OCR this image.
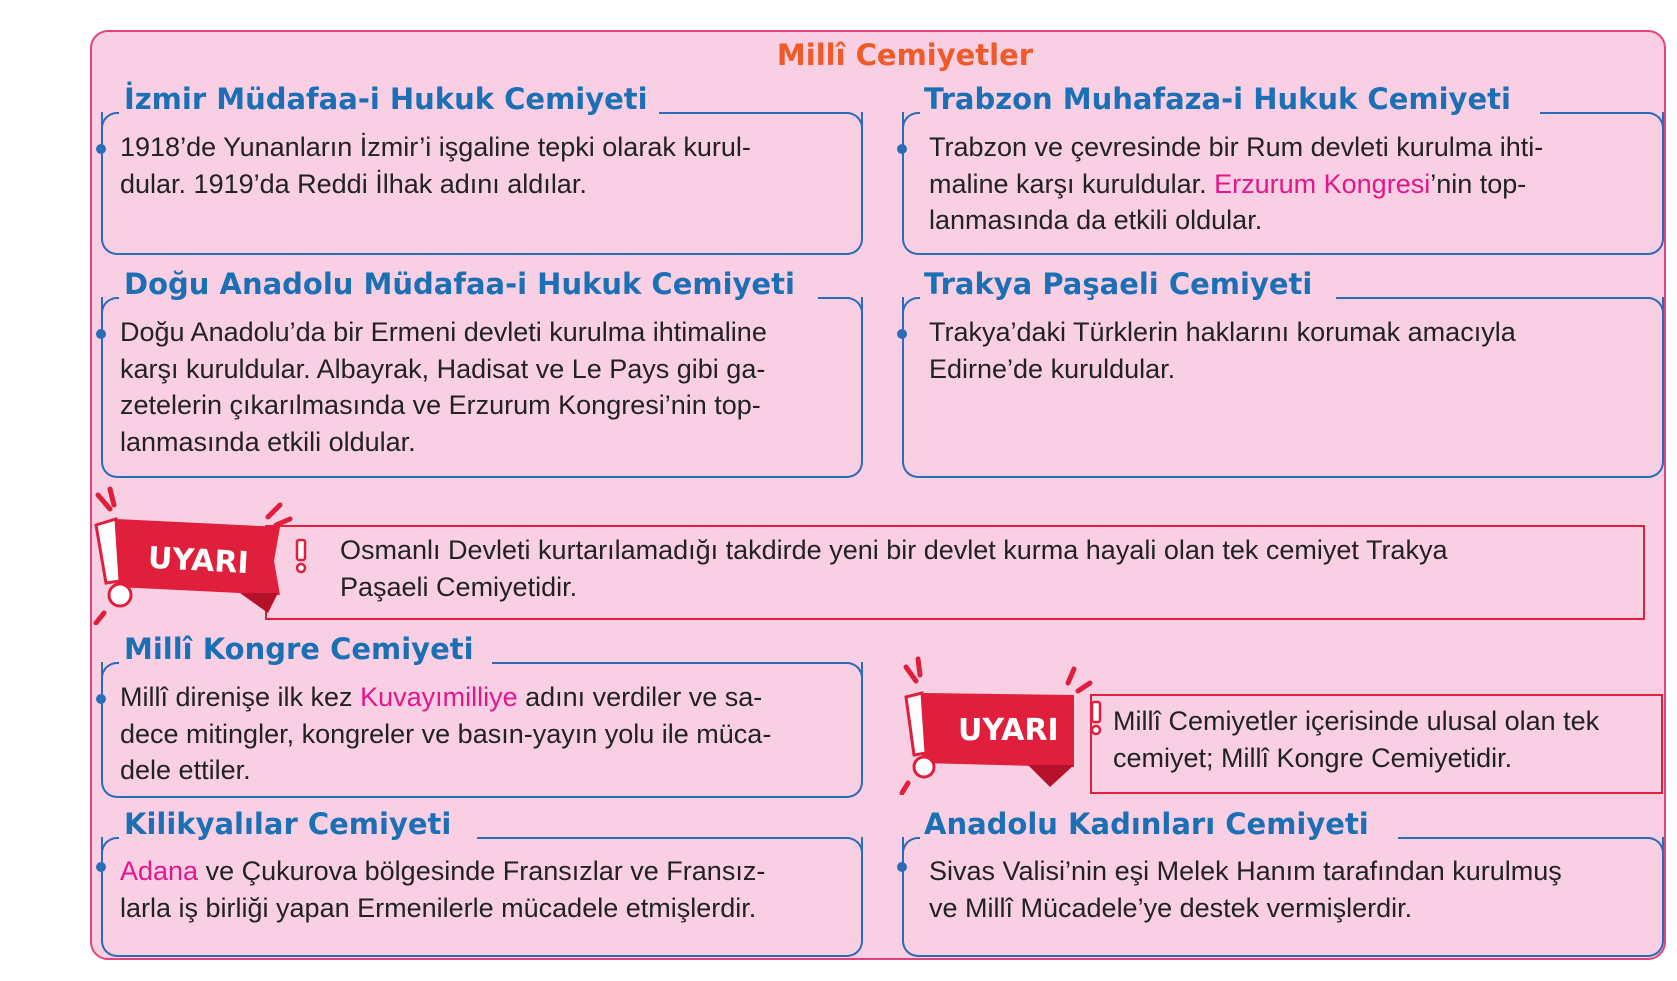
Millî Cemiyetler
İzmir Müdafaa-i Hukuk Cemiyeti

1918’de Yunanların İzmir’i işgaline tepki olarak kurul-
dular. 1919’da Reddi İlhak adını aldılar.

Trabzon Muhafaza-i Hukuk Cemiyeti

Trabzon ve çevresinde bir Rum devleti kurulma ihti-
maline karşı kuruldular. Erzurum Kongresi’nin top-
lanmasında da etkili oldular.

Doğu Anadolu Müdafaa-i Hukuk Cemiyeti

Doğu Anadolu’da bir Ermeni devleti kurulma ihtimaline
karşı kuruldular. Albayrak, Hadisat ve Le Pays gibi ga-
zetelerin çıkarılmasında ve Erzurum Kongresi’nin top-
lanmasında etkili oldular.

Trakya Paşaeli Cemiyeti

Trakya’daki Türklerin haklarını korumak amacıyla
Edirne’de kuruldular.

UYARI	Osmanlı Devleti kurtarılamadığı takdirde yeni bir devlet kurma hayali olan tek cemiyet Trakya
Paşaeli Cemiyetidir.

Millî Kongre Cemiyeti

Millî direnişe ilk kez Kuvayımilliye adını verdiler ve sa-
dece mitingler, kongreler ve basın-yayın yolu ile müca-
dele ettiler.

UYARI Millî Cemiyetler içerisinde ulusal olan tek
cemiyet; Millî Kongre Cemiyetidir.

Kilikyalılar Cemiyeti

Adana ve Çukurova bölgesinde Fransızlar ve Fransız-
larla iş birliği yapan Ermenilerle mücadele etmişlerdir.

Anadolu Kadınları Cemiyeti

Sivas Valisi’nin eşi Melek Hanım tarafından kurulmuş
ve Millî Mücadele’ye destek vermişlerdir.
